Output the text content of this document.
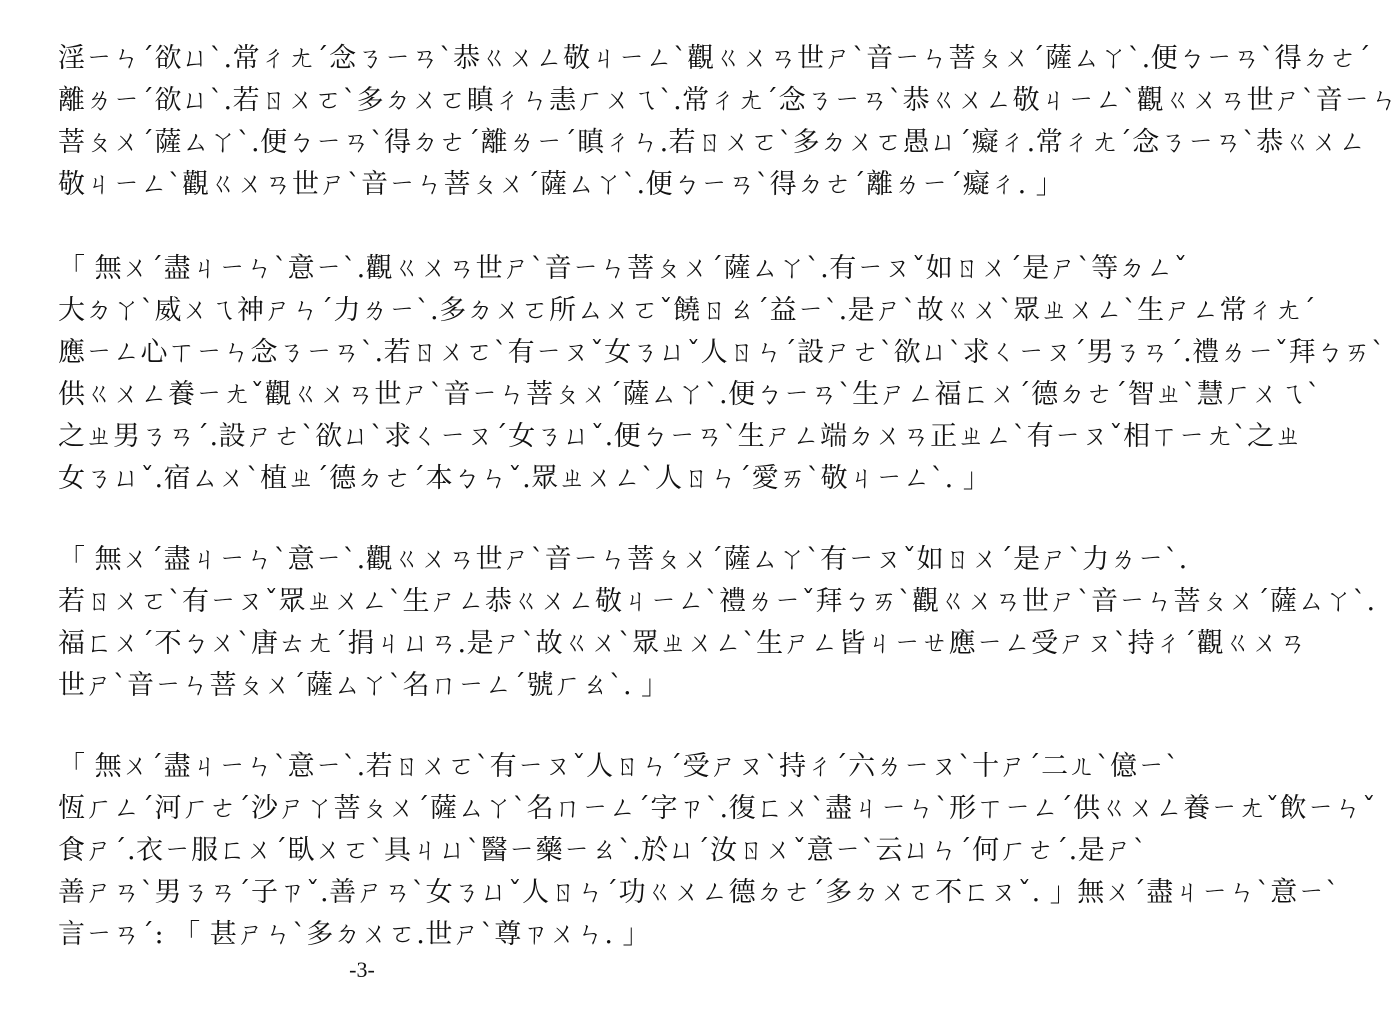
淫ㄧㄣˊ欲ㄩˋ.常ㄔㄤˊ念ㄋㄧㄢˋ恭ㄍㄨㄥ敬ㄐㄧㄥˋ觀ㄍㄨㄢ世ㄕˋ音ㄧㄣ菩ㄆㄨˊ薩ㄙㄚˋ.便ㄅㄧㄢˋ得ㄉㄜˊ
離ㄌㄧˊ欲ㄩˋ.若ㄖㄨㄛˋ多ㄉㄨㄛ瞋ㄔㄣ恚ㄏㄨㄟˋ.常ㄔㄤˊ念ㄋㄧㄢˋ恭ㄍㄨㄥ敬ㄐㄧㄥˋ觀ㄍㄨㄢ世ㄕˋ音ㄧㄣ
菩ㄆㄨˊ薩ㄙㄚˋ.便ㄅㄧㄢˋ得ㄉㄜˊ離ㄌㄧˊ瞋ㄔㄣ.若ㄖㄨㄛˋ多ㄉㄨㄛ愚ㄩˊ癡ㄔ.常ㄔㄤˊ念ㄋㄧㄢˋ恭ㄍㄨㄥ
敬ㄐㄧㄥˋ觀ㄍㄨㄢ世ㄕˋ音ㄧㄣ菩ㄆㄨˊ薩ㄙㄚˋ.便ㄅㄧㄢˋ得ㄉㄜˊ離ㄌㄧˊ癡ㄔ. 」
「 無ㄨˊ盡ㄐㄧㄣˋ意ㄧˋ.觀ㄍㄨㄢ世ㄕˋ音ㄧㄣ菩ㄆㄨˊ薩ㄙㄚˋ.有ㄧㄡˇ如ㄖㄨˊ是ㄕˋ等ㄉㄥˇ
大ㄉㄚˋ威ㄨㄟ神ㄕㄣˊ力ㄌㄧˋ.多ㄉㄨㄛ所ㄙㄨㄛˇ饒ㄖㄠˊ益ㄧˋ.是ㄕˋ故ㄍㄨˋ眾ㄓㄨㄥˋ生ㄕㄥ常ㄔㄤˊ
應ㄧㄥ心ㄒㄧㄣ念ㄋㄧㄢˋ.若ㄖㄨㄛˋ有ㄧㄡˇ女ㄋㄩˇ人ㄖㄣˊ設ㄕㄜˋ欲ㄩˋ求ㄑㄧㄡˊ男ㄋㄢˊ.禮ㄌㄧˇ拜ㄅㄞˋ
供ㄍㄨㄥ養ㄧㄤˇ觀ㄍㄨㄢ世ㄕˋ音ㄧㄣ菩ㄆㄨˊ薩ㄙㄚˋ.便ㄅㄧㄢˋ生ㄕㄥ福ㄈㄨˊ德ㄉㄜˊ智ㄓˋ慧ㄏㄨㄟˋ
之ㄓ男ㄋㄢˊ.設ㄕㄜˋ欲ㄩˋ求ㄑㄧㄡˊ女ㄋㄩˇ.便ㄅㄧㄢˋ生ㄕㄥ端ㄉㄨㄢ正ㄓㄥˋ有ㄧㄡˇ相ㄒㄧㄤˋ之ㄓ
女ㄋㄩˇ.宿ㄙㄨˋ植ㄓˊ德ㄉㄜˊ本ㄅㄣˇ.眾ㄓㄨㄥˋ人ㄖㄣˊ愛ㄞˋ敬ㄐㄧㄥˋ. 」
「 無ㄨˊ盡ㄐㄧㄣˋ意ㄧˋ.觀ㄍㄨㄢ世ㄕˋ音ㄧㄣ菩ㄆㄨˊ薩ㄙㄚˋ有ㄧㄡˇ如ㄖㄨˊ是ㄕˋ力ㄌㄧˋ.
若ㄖㄨㄛˋ有ㄧㄡˇ眾ㄓㄨㄥˋ生ㄕㄥ恭ㄍㄨㄥ敬ㄐㄧㄥˋ禮ㄌㄧˇ拜ㄅㄞˋ觀ㄍㄨㄢ世ㄕˋ音ㄧㄣ菩ㄆㄨˊ薩ㄙㄚˋ.
福ㄈㄨˊ不ㄅㄨˋ唐ㄊㄤˊ捐ㄐㄩㄢ.是ㄕˋ故ㄍㄨˋ眾ㄓㄨㄥˋ生ㄕㄥ皆ㄐㄧㄝ應ㄧㄥ受ㄕㄡˋ持ㄔˊ觀ㄍㄨㄢ
世ㄕˋ音ㄧㄣ菩ㄆㄨˊ薩ㄙㄚˋ名ㄇㄧㄥˊ號ㄏㄠˋ. 」
「 無ㄨˊ盡ㄐㄧㄣˋ意ㄧˋ.若ㄖㄨㄛˋ有ㄧㄡˇ人ㄖㄣˊ受ㄕㄡˋ持ㄔˊ六ㄌㄧㄡˋ十ㄕˊ二ㄦˋ億ㄧˋ
恆ㄏㄥˊ河ㄏㄜˊ沙ㄕㄚ菩ㄆㄨˊ薩ㄙㄚˋ名ㄇㄧㄥˊ字ㄗˋ.復ㄈㄨˋ盡ㄐㄧㄣˋ形ㄒㄧㄥˊ供ㄍㄨㄥ養ㄧㄤˇ飲ㄧㄣˇ
食ㄕˊ.衣ㄧ服ㄈㄨˊ臥ㄨㄛˋ具ㄐㄩˋ醫ㄧ藥ㄧㄠˋ.於ㄩˊ汝ㄖㄨˇ意ㄧˋ云ㄩㄣˊ何ㄏㄜˊ.是ㄕˋ
善ㄕㄢˋ男ㄋㄢˊ子ㄗˇ.善ㄕㄢˋ女ㄋㄩˇ人ㄖㄣˊ功ㄍㄨㄥ德ㄉㄜˊ多ㄉㄨㄛ不ㄈㄡˇ. 」無ㄨˊ盡ㄐㄧㄣˋ意ㄧˋ
言ㄧㄢˊ: 「 甚ㄕㄣˋ多ㄉㄨㄛ.世ㄕˋ尊ㄗㄨㄣ. 」
-3-
